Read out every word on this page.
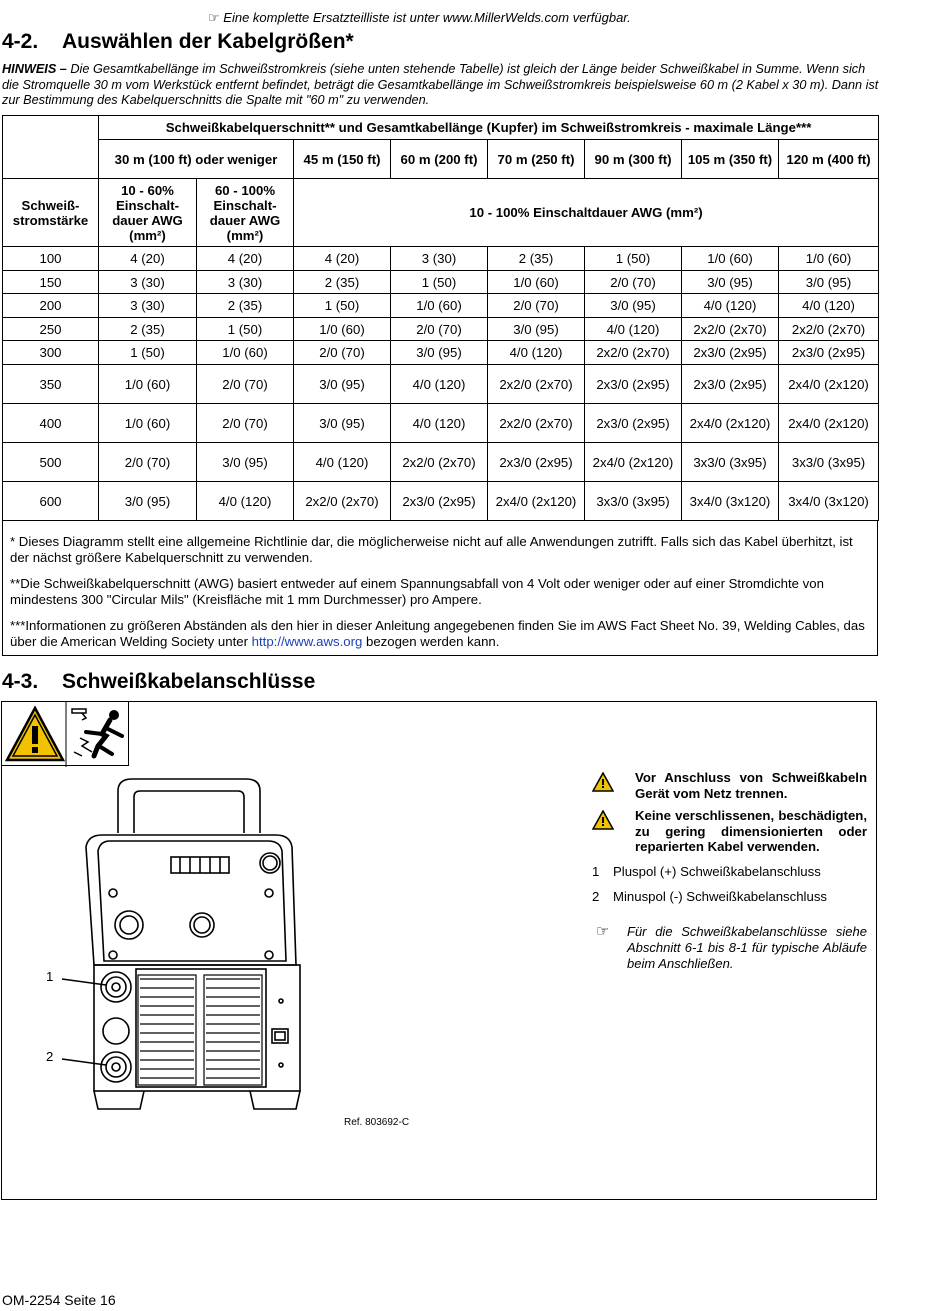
☞ Eine komplette Ersatzteilliste ist unter www.MillerWelds.com verfügbar.
4-2. Auswählen der Kabelgrößen*
HINWEIS – Die Gesamtkabellänge im Schweißstromkreis (siehe unten stehende Tabelle) ist gleich der Länge beider Schweißkabel in Summe. Wenn sich die Stromquelle 30 m vom Werkstück entfernt befindet, beträgt die Gesamtkabellänge im Schweißstromkreis beispielsweise 60 m (2 Kabel x 30 m). Dann ist zur Bestimmung des Kabelquerschnitts die Spalte mit "60 m" zu verwenden.
	Schweißkabelquerschnitt** und Gesamtkabellänge (Kupfer) im Schweißstromkreis - maximale Länge***							
	30 m (100 ft) oder weniger		45 m (150 ft)	60 m (200 ft)	70 m (250 ft)	90 m (300 ft)	105 m (350 ft)	120 m (400 ft)
Schweiß-stromstärke	10 - 60% Einschalt-dauer AWG (mm²)	60 - 100% Einschalt-dauer AWG (mm²)	10 - 100% Einschaltdauer AWG (mm²)					
100	4 (20)	4 (20)	4 (20)	3 (30)	2 (35)	1 (50)	1/0 (60)	1/0 (60)
150	3 (30)	3 (30)	2 (35)	1 (50)	1/0 (60)	2/0 (70)	3/0 (95)	3/0 (95)
200	3 (30)	2 (35)	1 (50)	1/0 (60)	2/0 (70)	3/0 (95)	4/0 (120)	4/0 (120)
250	2 (35)	1 (50)	1/0 (60)	2/0 (70)	3/0 (95)	4/0 (120)	2x2/0 (2x70)	2x2/0 (2x70)
300	1 (50)	1/0 (60)	2/0 (70)	3/0 (95)	4/0 (120)	2x2/0 (2x70)	2x3/0 (2x95)	2x3/0 (2x95)
350	1/0 (60)	2/0 (70)	3/0 (95)	4/0 (120)	2x2/0 (2x70)	2x3/0 (2x95)	2x3/0 (2x95)	2x4/0 (2x120)
400	1/0 (60)	2/0 (70)	3/0 (95)	4/0 (120)	2x2/0 (2x70)	2x3/0 (2x95)	2x4/0 (2x120)	2x4/0 (2x120)
500	2/0 (70)	3/0 (95)	4/0 (120)	2x2/0 (2x70)	2x3/0 (2x95)	2x4/0 (2x120)	3x3/0 (3x95)	3x3/0 (3x95)
600	3/0 (95)	4/0 (120)	2x2/0 (2x70)	2x3/0 (2x95)	2x4/0 (2x120)	3x3/0 (3x95)	3x4/0 (3x120)	3x4/0 (3x120)

* Dieses Diagramm stellt eine allgemeine Richtlinie dar, die möglicherweise nicht auf alle Anwendungen zutrifft. Falls sich das Kabel überhitzt, ist der nächst größere Kabelquerschnitt zu verwenden.

**Die Schweißkabelquerschnitt (AWG) basiert entweder auf einem Spannungsabfall von 4 Volt oder weniger oder auf einer Stromdichte von mindestens 300 "Circular Mils" (Kreisfläche mit 1 mm Durchmesser) pro Ampere.

***Informationen zu größeren Abständen als den hier in dieser Anleitung angegebenen finden Sie im AWS Fact Sheet No. 39, Welding Cables, das über die American Welding Society unter http://www.aws.org bezogen werden kann.

4-3. Schweißkabelanschlüsse
1
2
Vor Anschluss von Schweißkabeln Gerät vom Netz trennen.
Keine verschlissenen, beschädigten, zu gering dimensionierten oder reparierten Kabel verwenden.
1 Pluspol (+) Schweißkabelanschluss
2 Minuspol (-) Schweißkabelanschluss
☞ Für die Schweißkabelanschlüsse siehe Abschnitt 6-1 bis 8-1 für typische Abläufe beim Anschließen.
Ref. 803692-C
OM-2254 Seite 16
